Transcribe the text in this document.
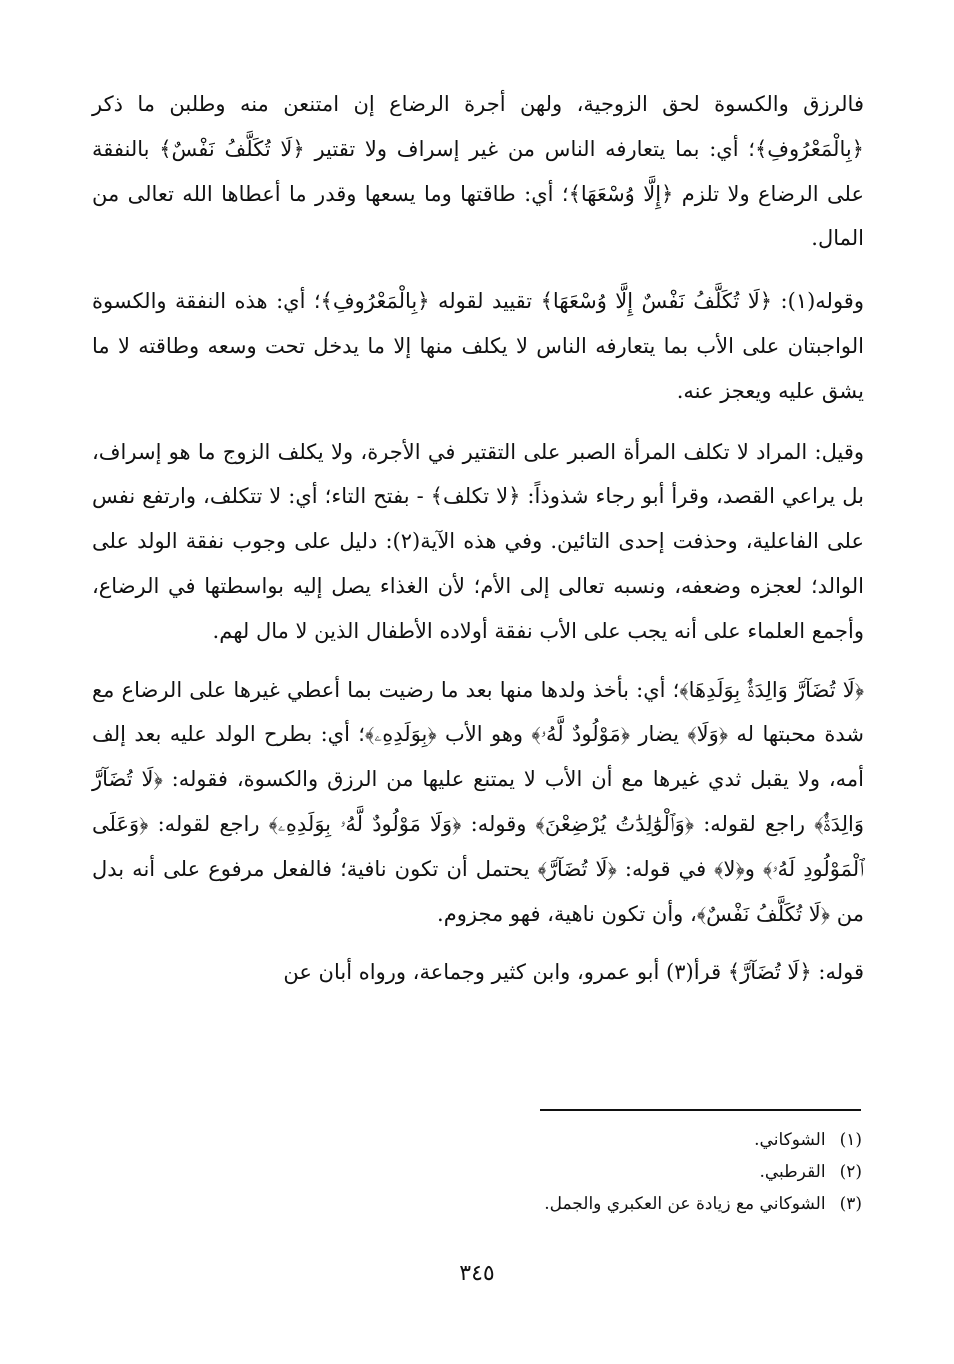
فالرزق والكسوة لحق الزوجية، ولهن أجرة الرضاع إن امتنعن منه وطلبن ما ذكر ﴿بِالْمَعْرُوفِ﴾؛ أي: بما يتعارفه الناس من غير إسراف ولا تقتير ﴿لَا تُكَلَّفُ نَفْسٌ﴾ بالنفقة على الرضاع ولا تلزم ﴿إِلَّا وُسْعَهَا﴾؛ أي: طاقتها وما يسعها وقدر ما أعطاها الله تعالى من المال.

وقوله(١): ﴿لَا تُكَلَّفُ نَفْسٌ إِلَّا وُسْعَهَا﴾ تقييد لقوله ﴿بِالْمَعْرُوفِ﴾؛ أي: هذه النفقة والكسوة الواجبتان على الأب بما يتعارفه الناس لا يكلف منها إلا ما يدخل تحت وسعه وطاقته لا ما يشق عليه ويعجز عنه.

وقيل: المراد لا تكلف المرأة الصبر على التقتير في الأجرة، ولا يكلف الزوج ما هو إسراف، بل يراعي القصد، وقرأ أبو رجاء شذوذاً: ﴿لا تكلف﴾ - بفتح التاء؛ أي: لا تتكلف، وارتفع نفس على الفاعلية، وحذفت إحدى التائين. وفي هذه الآية(٢): دليل على وجوب نفقة الولد على الوالد؛ لعجزه وضعفه، ونسبه تعالى إلى الأم؛ لأن الغذاء يصل إليه بواسطتها في الرضاع، وأجمع العلماء على أنه يجب على الأب نفقة أولاده الأطفال الذين لا مال لهم.

﴿لَا تُضَآرَّ وَالِدَةٌۢ بِوَلَدِهَا﴾؛ أي: بأخذ ولدها منها بعد ما رضيت بما أعطي غيرها على الرضاع مع شدة محبتها له ﴿وَلَا﴾ يضار ﴿مَوْلُودٌ لَّهُۥ﴾ وهو الأب ﴿بِوَلَدِهِۦ﴾؛ أي: بطرح الولد عليه بعد إلف أمه، ولا يقبل ثدي غيرها مع أن الأب لا يمتنع عليها من الرزق والكسوة، فقوله: ﴿لَا تُضَآرَّ وَالِدَةٌۢ﴾ راجع لقوله: ﴿وَٱلْوَٰلِدَٰتُ يُرْضِعْنَ﴾ وقوله: ﴿وَلَا مَوْلُودٌ لَّهُۥ بِوَلَدِهِۦ﴾ راجع لقوله: ﴿وَعَلَى ٱلْمَوْلُودِ لَهُۥ﴾ و﴿لا﴾ في قوله: ﴿لَا تُضَآرَّ﴾ يحتمل أن تكون نافية؛ فالفعل مرفوع على أنه بدل من ﴿لَا تُكَلَّفُ نَفْسٌ﴾، وأن تكون ناهية، فهو مجزوم.

قوله: ﴿لَا تُضَآرَّ﴾ قرأ(٣) أبو عمرو، وابن كثير وجماعة، ورواه أبان عن

(١)الشوكاني.

(٢)القرطبي.

(٣)الشوكاني مع زيادة عن العكبري والجمل.

٣٤٥
